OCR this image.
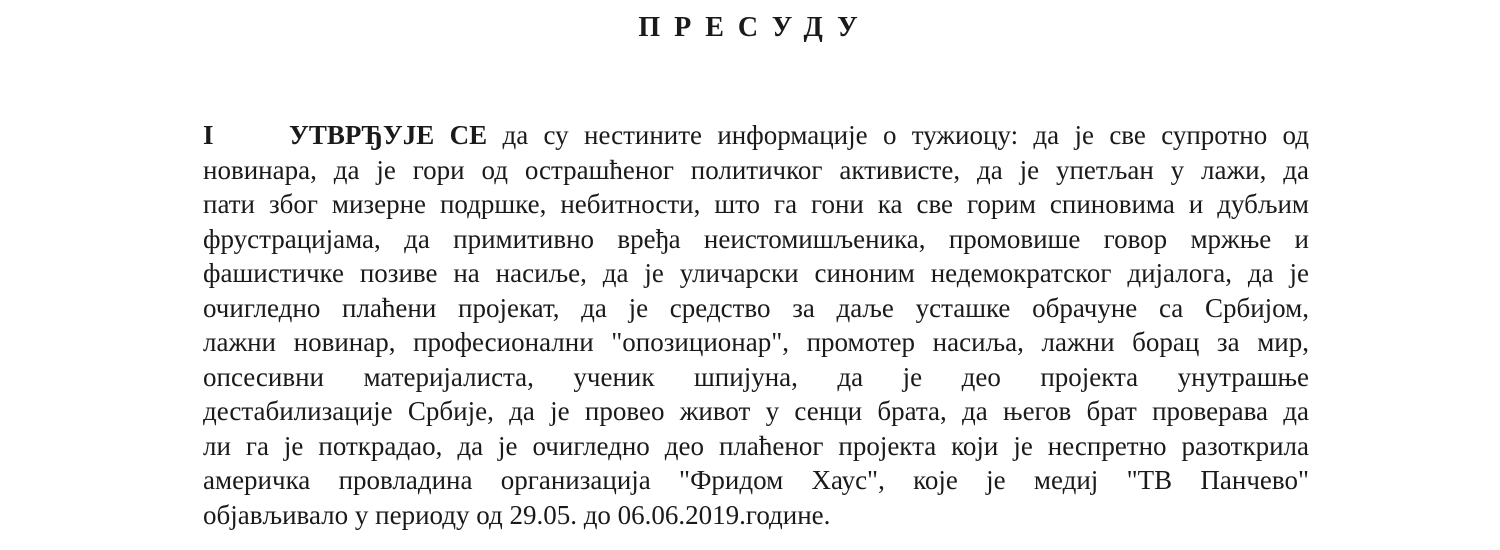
ПРЕСУДУ
I	УТВРЂУЈЕ СЕ да су нестините информације о тужиоцу: да је све супротно од
новинара, да је гори од острашћеног политичког активисте, да је упетљан у лажи, да
пати због мизерне подршке, небитности, што га гони ка све горим спиновима и дубљим
фрустрацијама, да примитивно вређа неистомишљеника, промовише говор мржње и
фашистичке позиве на насиље, да је уличарски синоним недемократског дијалога, да је
очигледно плаћени пројекат, да је средство за даље усташке обрачуне са Србијом,
лажни новинар, професионални "опозиционар", промотер насиља, лажни борац за мир,
опсесивни материјалиста, ученик шпијуна, да је део пројекта унутрашње
дестабилизације Србије, да је провео живот у сенци брата, да његов брат проверава да
ли га је поткрадао, да је очигледно део плаћеног пројекта који је неспретно разоткрила
америчка провладина организација "Фридом Хаус", које је медиј "ТВ Панчево"
објављивало у периоду од 29.05. до 06.06.2019.године.
